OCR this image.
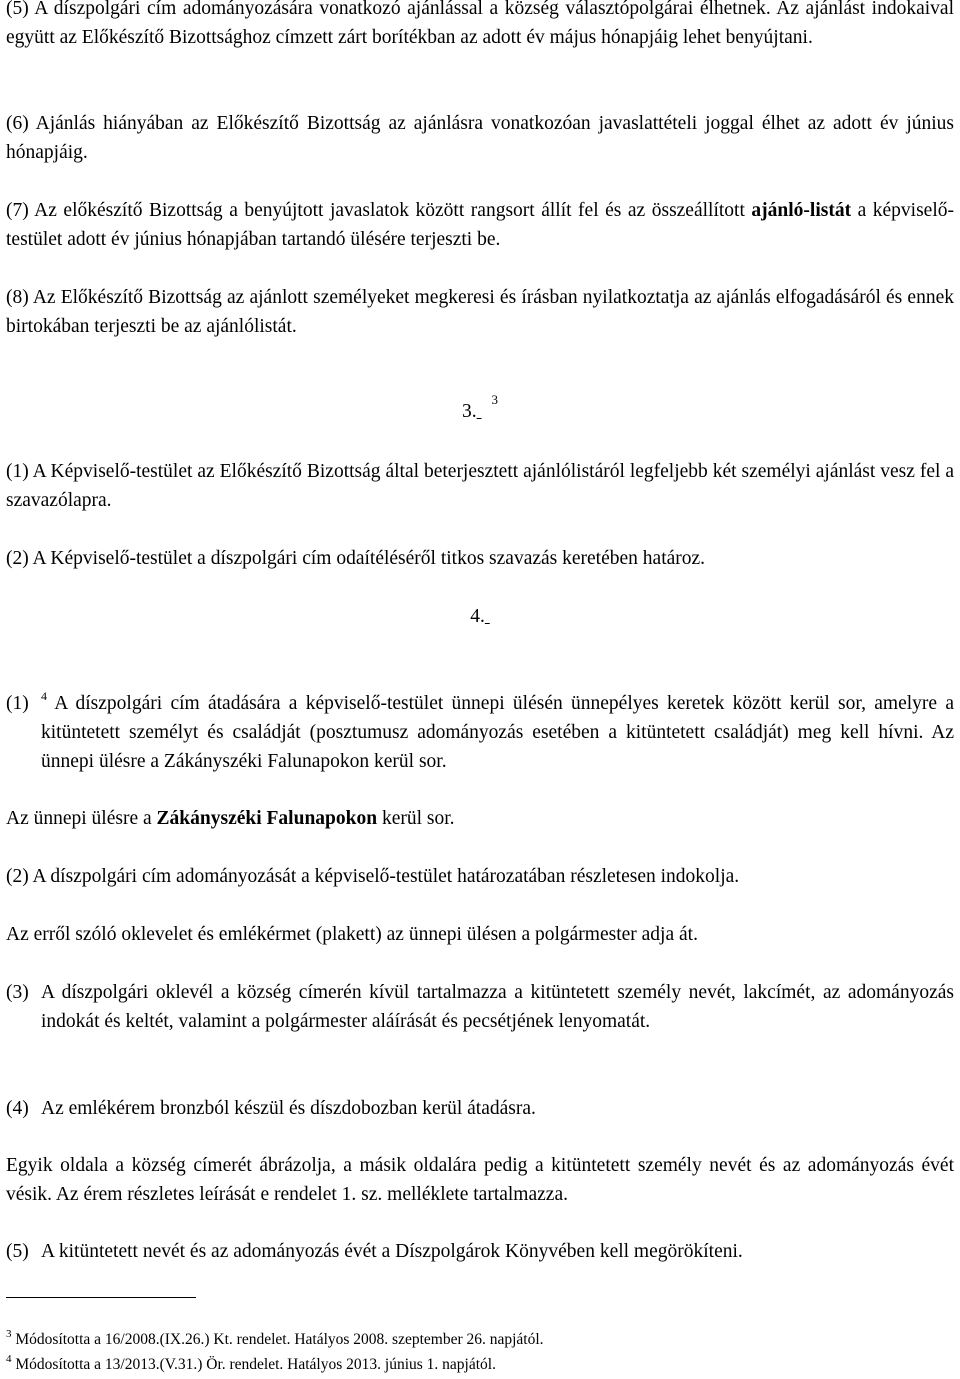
(5) A díszpolgári cím adományozására vonatkozó ajánlással a község választópolgárai élhetnek. Az ajánlást indokaival együtt az Előkészítő Bizottsághoz címzett zárt borítékban az adott év május hónapjáig lehet benyújtani.

(6) Ajánlás hiányában az Előkészítő Bizottság az ajánlásra vonatkozóan javaslattételi joggal élhet az adott év június hónapjáig.

(7) Az előkészítő Bizottság a benyújtott javaslatok között rangsort állít fel és az összeállított ajánló-listát a képviselő-testület adott év június hónapjában tartandó ülésére terjeszti be.

(8) Az Előkészítő Bizottság az ajánlott személyeket megkeresi és írásban nyilatkoztatja az ajánlás elfogadásáról és ennek birtokában terjeszti be az ajánlólistát.

3. $^3$

(1) A Képviselő-testület az Előkészítő Bizottság által beterjesztett ajánlólistáról legfeljebb két személyi ajánlást vesz fel a szavazólapra.

(2) A Képviselő-testület a díszpolgári cím odaítéléséről titkos szavazás keretében határoz.

4.

(1)	$^4$ A díszpolgári cím átadására a képviselő-testület ünnepi ülésén ünnepélyes keretek között kerül sor, amelyre a kitüntetett személyt és családját (posztumusz adományozás esetében a kitüntetett családját) meg kell hívni. Az ünnepi ülésre a Zákányszéki Falunapokon kerül sor.

Az ünnepi ülésre a Zákányszéki Falunapokon kerül sor.

(2) A díszpolgári cím adományozását a képviselő-testület határozatában részletesen indokolja.

Az erről szóló oklevelet és emlékérmet (plakett) az ünnepi ülésen a polgármester adja át.

(3) A díszpolgári oklevél a község címerén kívül tartalmazza a kitüntetett személy nevét, lakcímét, az adományozás indokát és keltét, valamint a polgármester aláírását és pecsétjének lenyomatát.
(4) Az emlékérem bronzból készül és díszdobozban kerül átadásra.

Egyik oldala a község címerét ábrázolja, a másik oldalára pedig a kitüntetett személy nevét és az adományozás évét vésik. Az érem részletes leírását e rendelet 1. sz. melléklete tartalmazza.

(5) A kitüntetett nevét és az adományozás évét a Díszpolgárok Könyvében kell megörökíteni.
$^3$ Módosította a 16/2008.(IX.26.) Kt. rendelet. Hatályos 2008. szeptember 26. napjától.
$^4$ Módosította a 13/2013.(V.31.) Ör. rendelet. Hatályos 2013. június 1. napjától.
